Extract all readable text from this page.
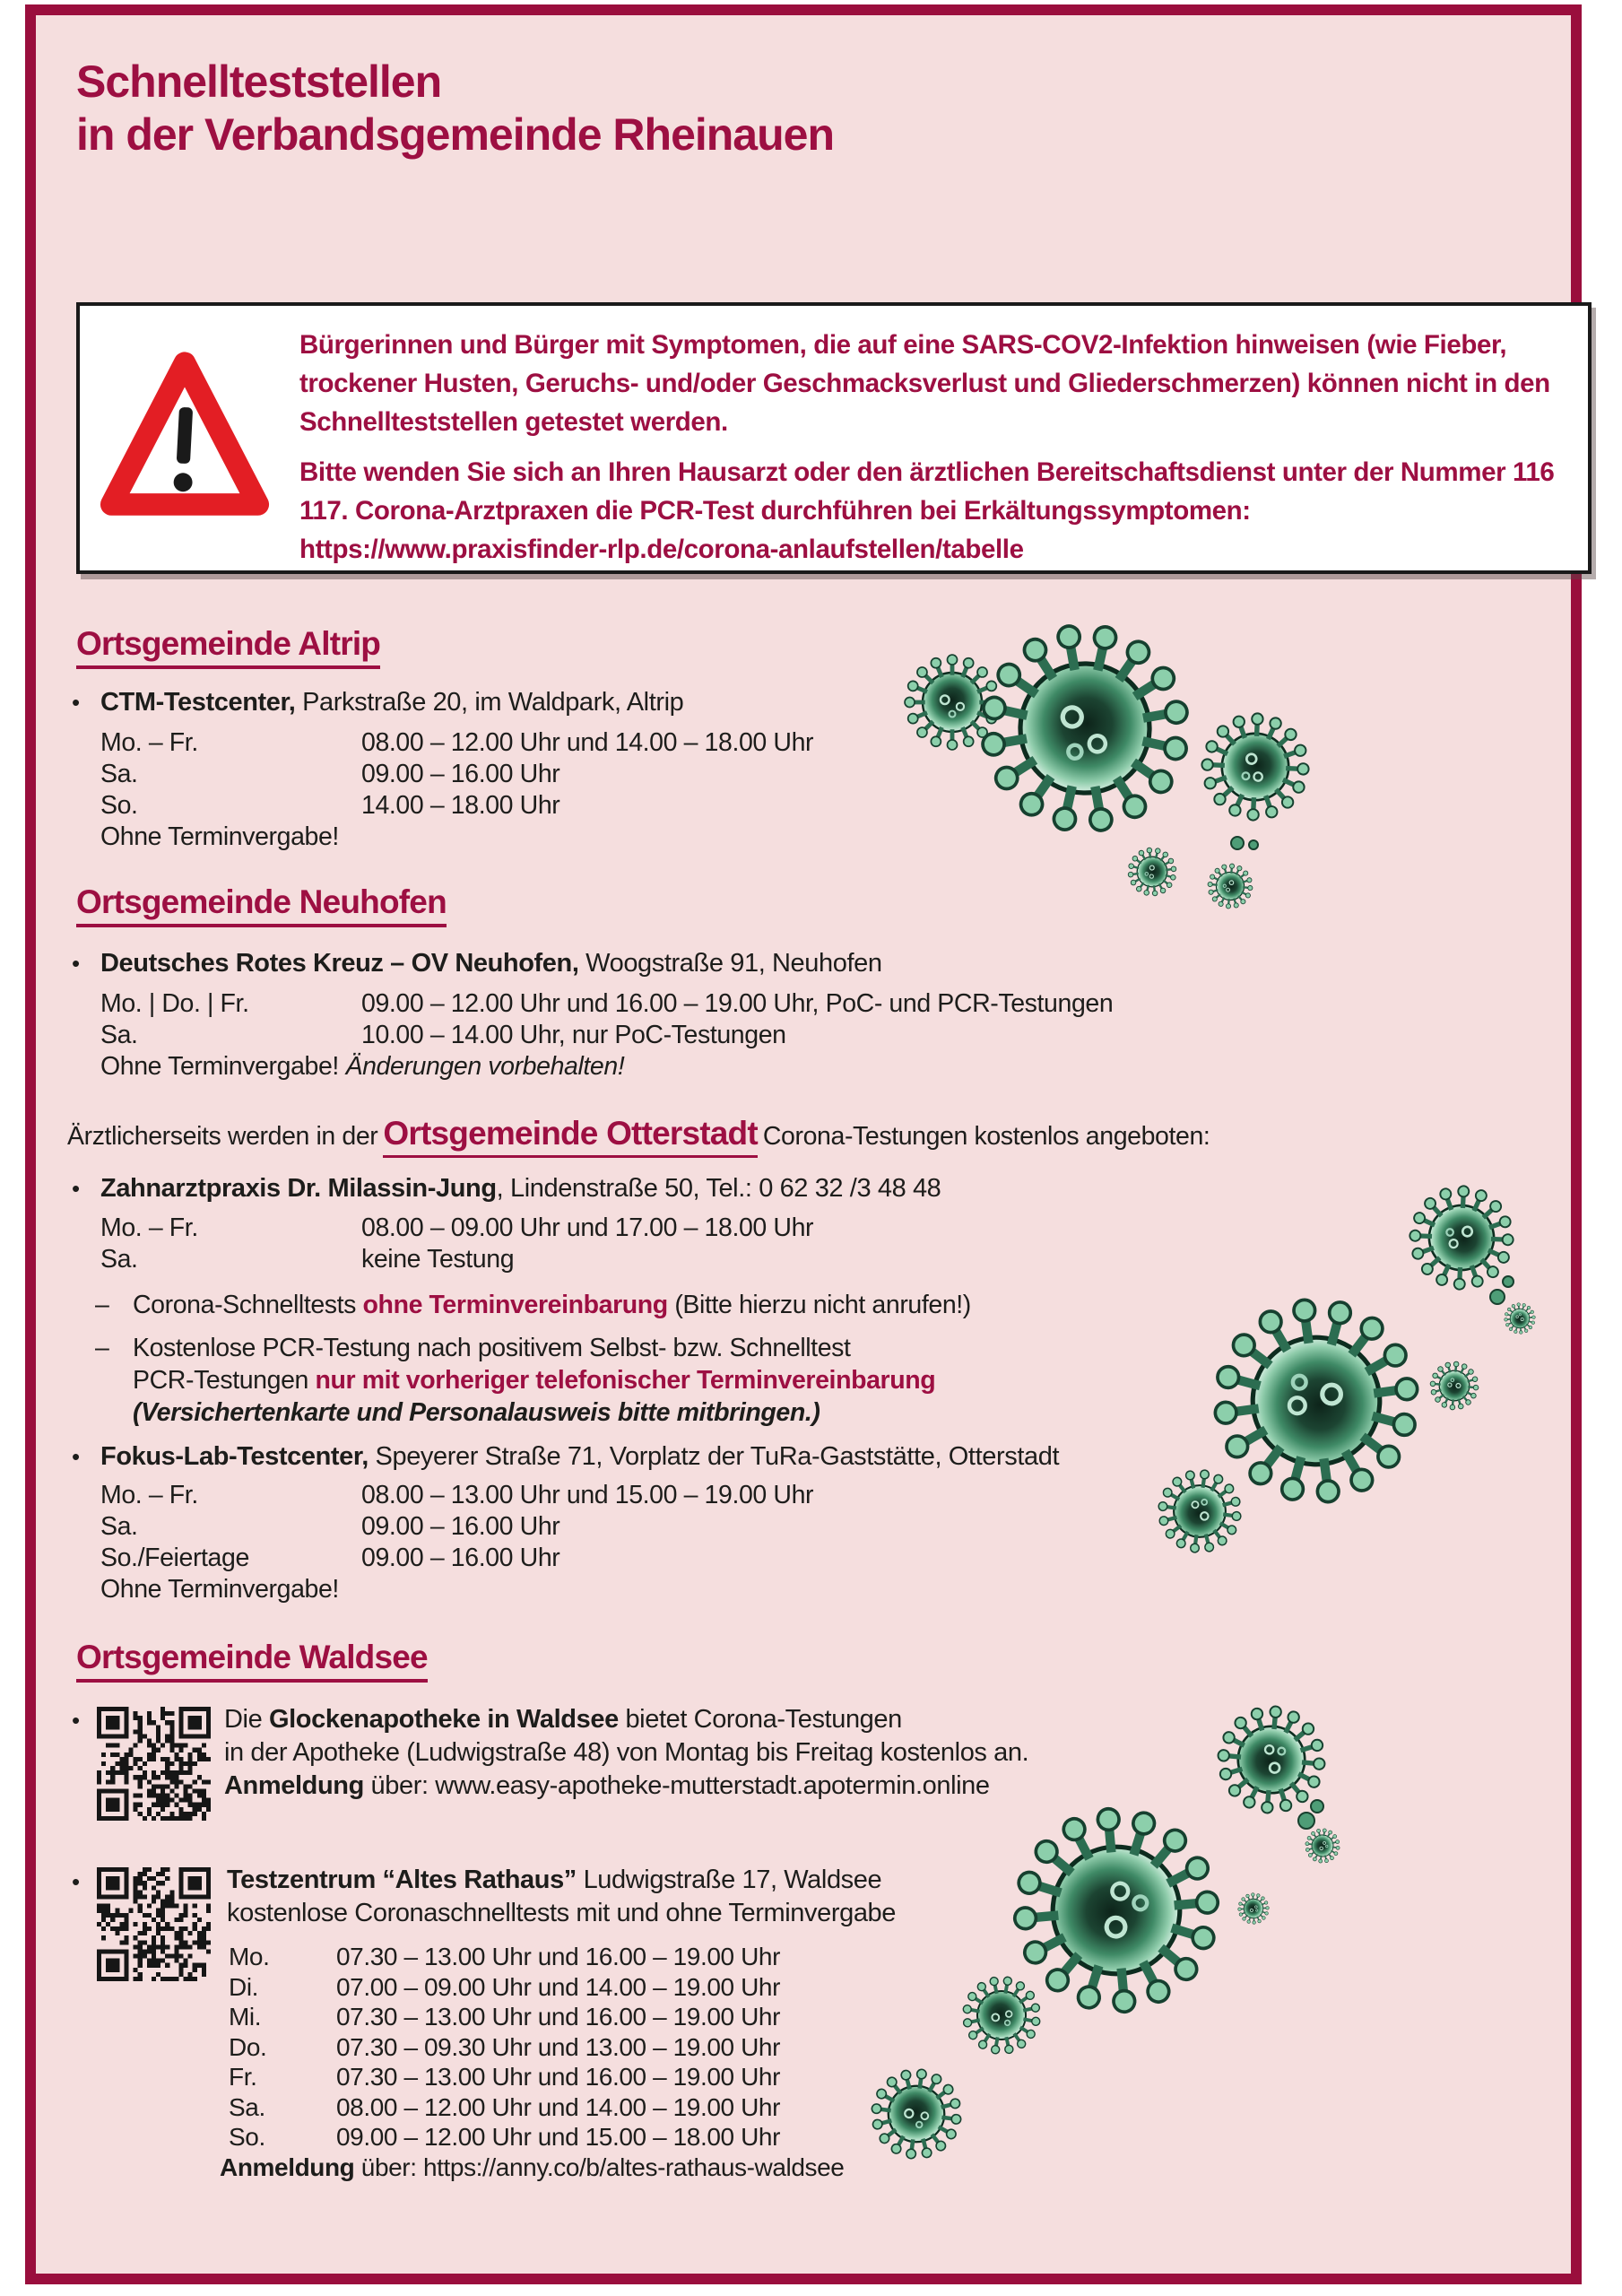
Schnellteststellen
in der Verbandsgemeinde Rheinauen
Bürgerinnen und Bürger mit Symptomen, die auf eine SARS-COV2-Infektion hinweisen (wie Fieber, trockener Husten, Geruchs- und/oder Geschmacksverlust und Gliederschmerzen) können nicht in den Schnellteststellen getestet werden.
Bitte wenden Sie sich an Ihren Hausarzt oder den ärztlichen Bereitschaftsdienst unter der Nummer 116 117. Corona-Arztpraxen die PCR-Test durchführen bei Erkältungssymptomen:
https://www.praxisfinder-rlp.de/corona-anlaufstellen/tabelle
Ortsgemeinde Altrip
• CTM-Testcenter, Parkstraße 20, im Waldpark, Altrip
Mo. – Fr.	08.00 – 12.00 Uhr und 14.00 – 18.00 Uhr
Sa.	09.00 – 16.00 Uhr
So.	14.00 – 18.00 Uhr
Ohne Terminvergabe!
Ortsgemeinde Neuhofen
• Deutsches Rotes Kreuz – OV Neuhofen, Woogstraße 91, Neuhofen
Mo. | Do. | Fr.	09.00 – 12.00 Uhr und 16.00 – 19.00 Uhr, PoC- und PCR-Testungen
Sa.	10.00 – 14.00 Uhr, nur PoC-Testungen
Ohne Terminvergabe! Änderungen vorbehalten!
Ärztlicherseits werden in der Ortsgemeinde Otterstadt Corona-Testungen kostenlos angeboten:
• Zahnarztpraxis Dr. Milassin-Jung, Lindenstraße 50, Tel.: 0 62 32 /3 48 48
Mo. – Fr.	08.00 – 09.00 Uhr und 17.00 – 18.00 Uhr
Sa.	keine Testung
– Corona-Schnelltests ohne Terminvereinbarung (Bitte hierzu nicht anrufen!)
– Kostenlose PCR-Testung nach positivem Selbst- bzw. Schnelltest
PCR-Testungen nur mit vorheriger telefonischer Terminvereinbarung
(Versichertenkarte und Personalausweis bitte mitbringen.)
• Fokus-Lab-Testcenter, Speyerer Straße 71, Vorplatz der TuRa-Gaststätte, Otterstadt
Mo. – Fr.	08.00 – 13.00 Uhr und 15.00 – 19.00 Uhr
Sa.	09.00 – 16.00 Uhr
So./Feiertage	09.00 – 16.00 Uhr
Ohne Terminvergabe!
Ortsgemeinde Waldsee
•	Die Glockenapotheke in Waldsee bietet Corona-Testungen
in der Apotheke (Ludwigstraße 48) von Montag bis Freitag kostenlos an.
Anmeldung über: www.easy-apotheke-mutterstadt.apotermin.online
•	Testzentrum “Altes Rathaus” Ludwigstraße 17, Waldsee
kostenlose Coronaschnelltests mit und ohne Terminvergabe
Mo.	07.30 – 13.00 Uhr und 16.00 – 19.00 Uhr
Di.	07.00 – 09.00 Uhr und 14.00 – 19.00 Uhr
Mi.	07.30 – 13.00 Uhr und 16.00 – 19.00 Uhr
Do.	07.30 – 09.30 Uhr und 13.00 – 19.00 Uhr
Fr.	07.30 – 13.00 Uhr und 16.00 – 19.00 Uhr
Sa.	08.00 – 12.00 Uhr und 14.00 – 19.00 Uhr
So.	09.00 – 12.00 Uhr und 15.00 – 18.00 Uhr
Anmeldung über: https://anny.co/b/altes-rathaus-waldsee
